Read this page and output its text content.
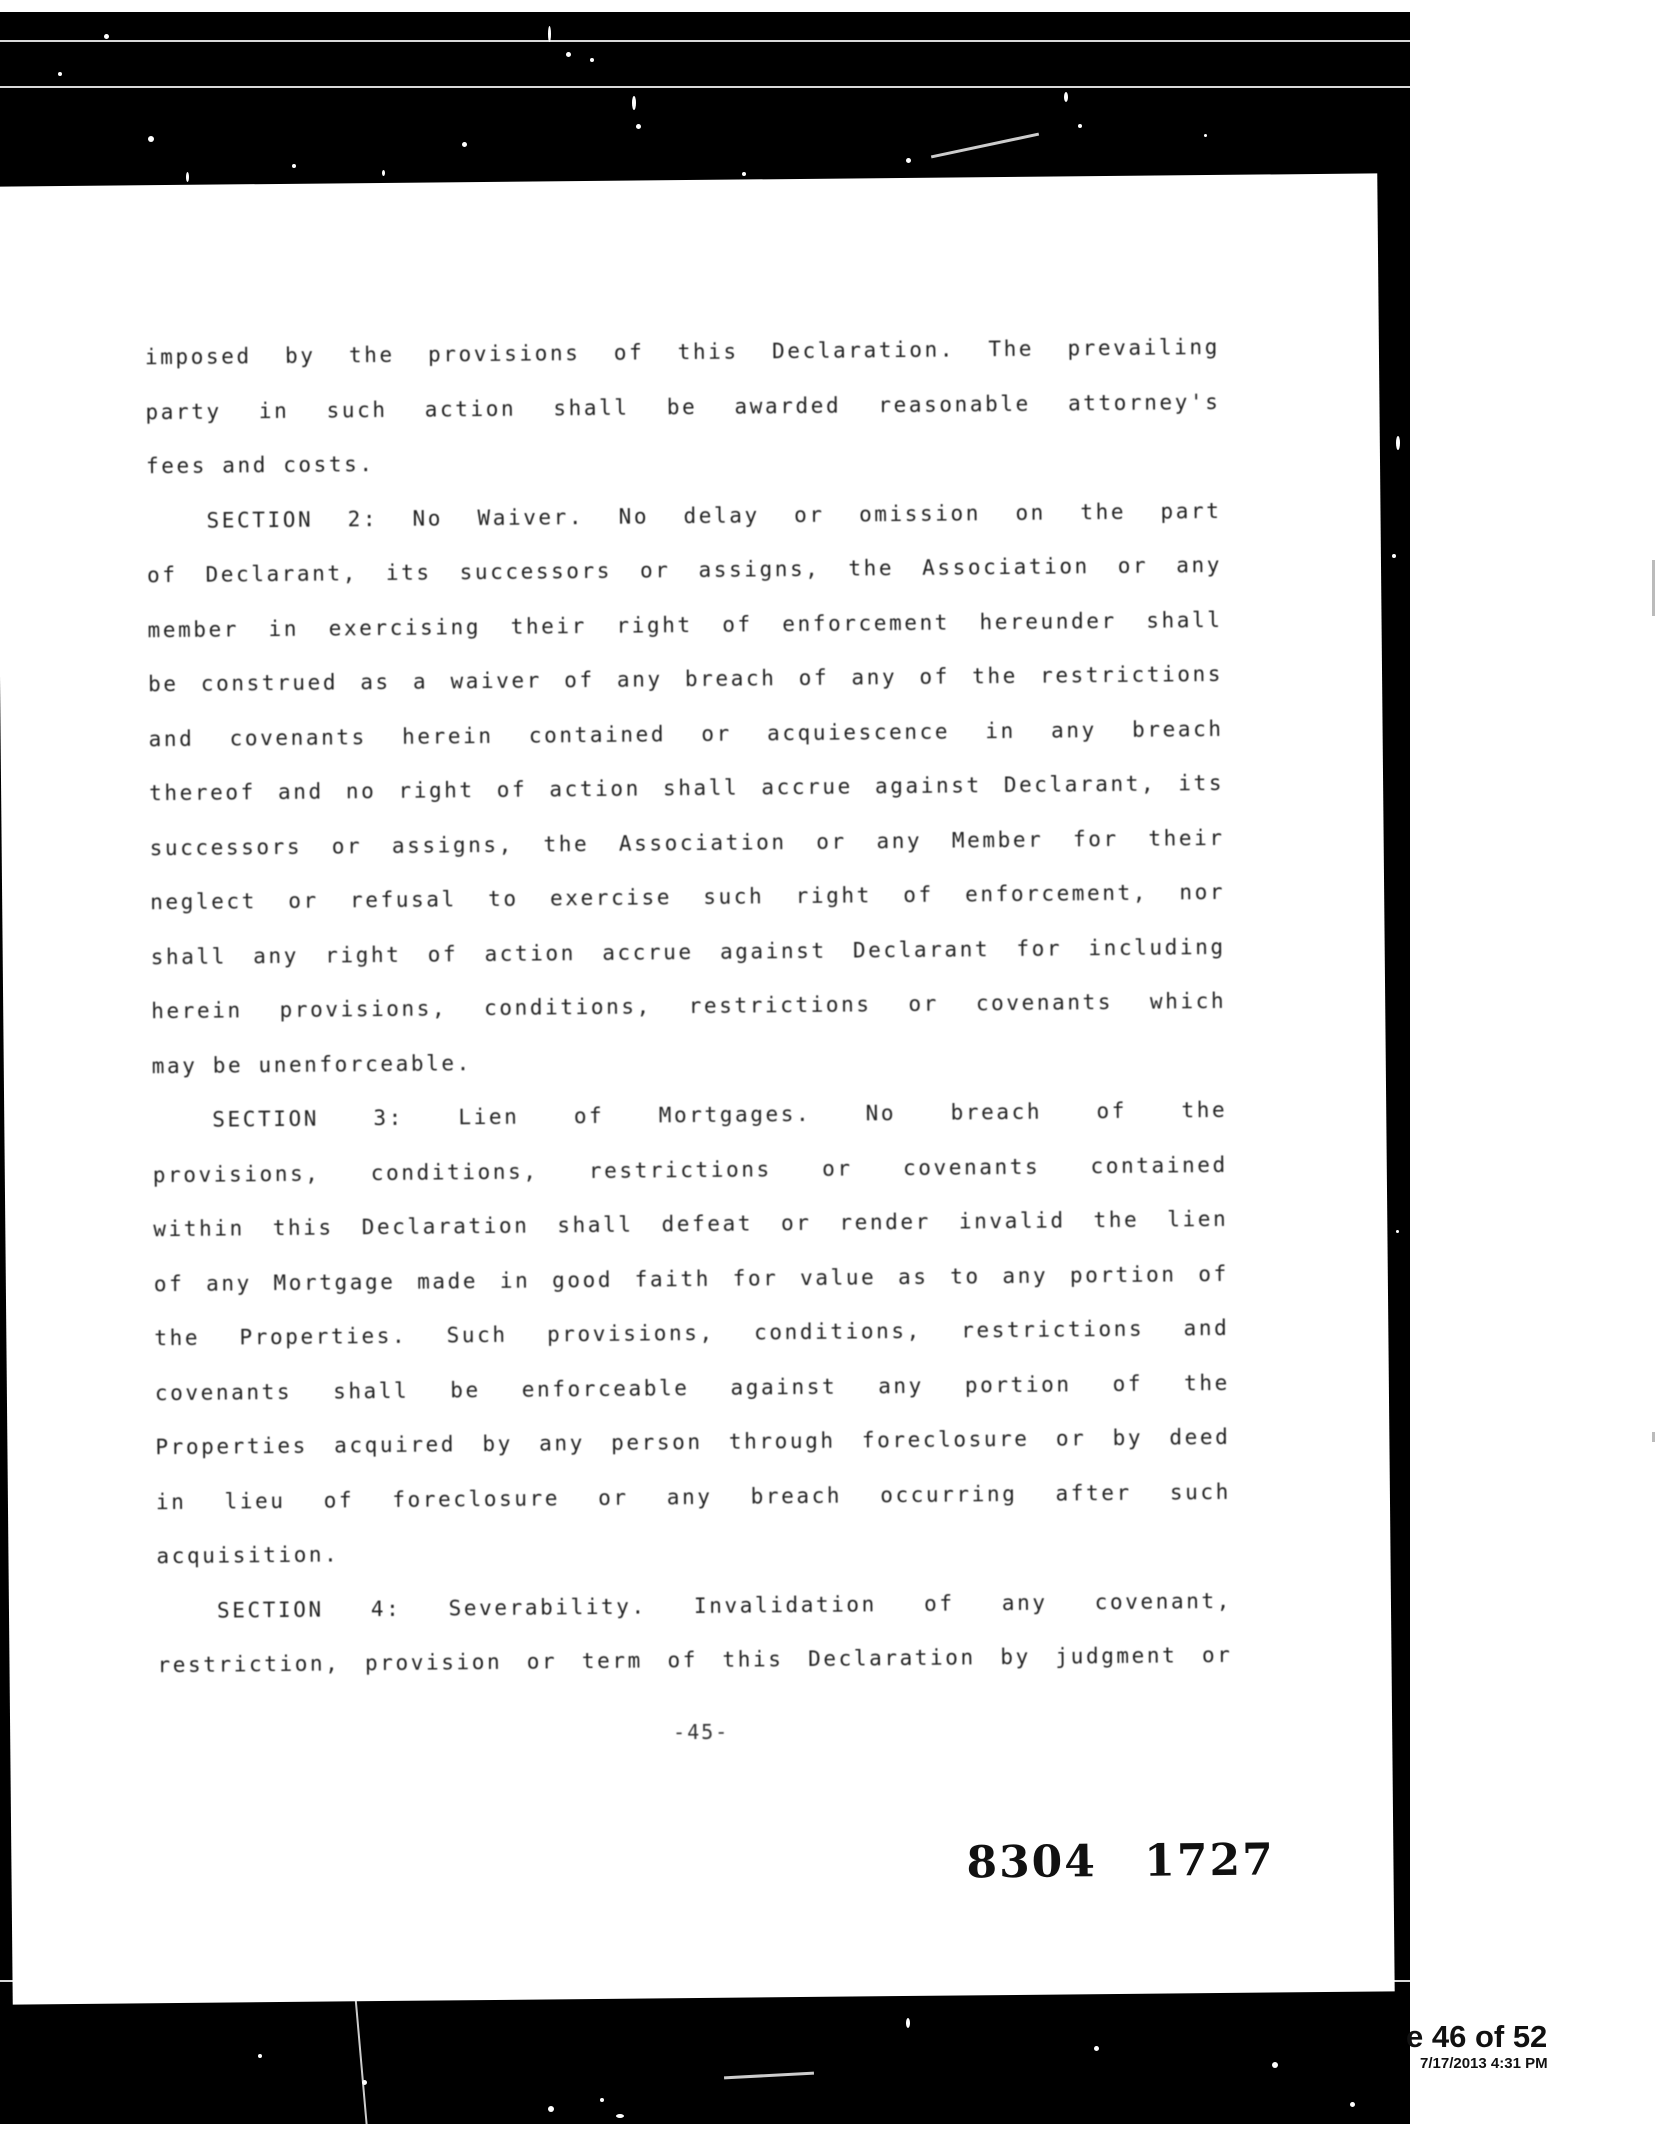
imposed by the provisions of this Declaration. The prevailing
party in such action shall be awarded reasonable attorney's
fees and costs.
SECTION 2: No Waiver. No delay or omission on the part
of Declarant, its successors or assigns, the Association or any
member in exercising their right of enforcement hereunder shall
be construed as a waiver of any breach of any of the restrictions
and covenants herein contained or acquiescence in any breach
thereof and no right of action shall accrue against Declarant, its
successors or assigns, the Association or any Member for their
neglect or refusal to exercise such right of enforcement, nor
shall any right of action accrue against Declarant for including
herein provisions, conditions, restrictions or covenants which
may be unenforceable.
SECTION 3: Lien of Mortgages. No breach of the
provisions, conditions, restrictions or covenants contained
within this Declaration shall defeat or render invalid the lien
of any Mortgage made in good faith for value as to any portion of
the Properties. Such provisions, conditions, restrictions and
covenants shall be enforceable against any portion of the
Properties acquired by any person through foreclosure or by deed
in lieu of foreclosure or any breach occurring after such
acquisition.
SECTION 4: Severability. Invalidation of any covenant,
restriction, provision or term of this Declaration by judgment or
-45-
8304 1727
e 46 of 52
7/17/2013 4:31 PM
